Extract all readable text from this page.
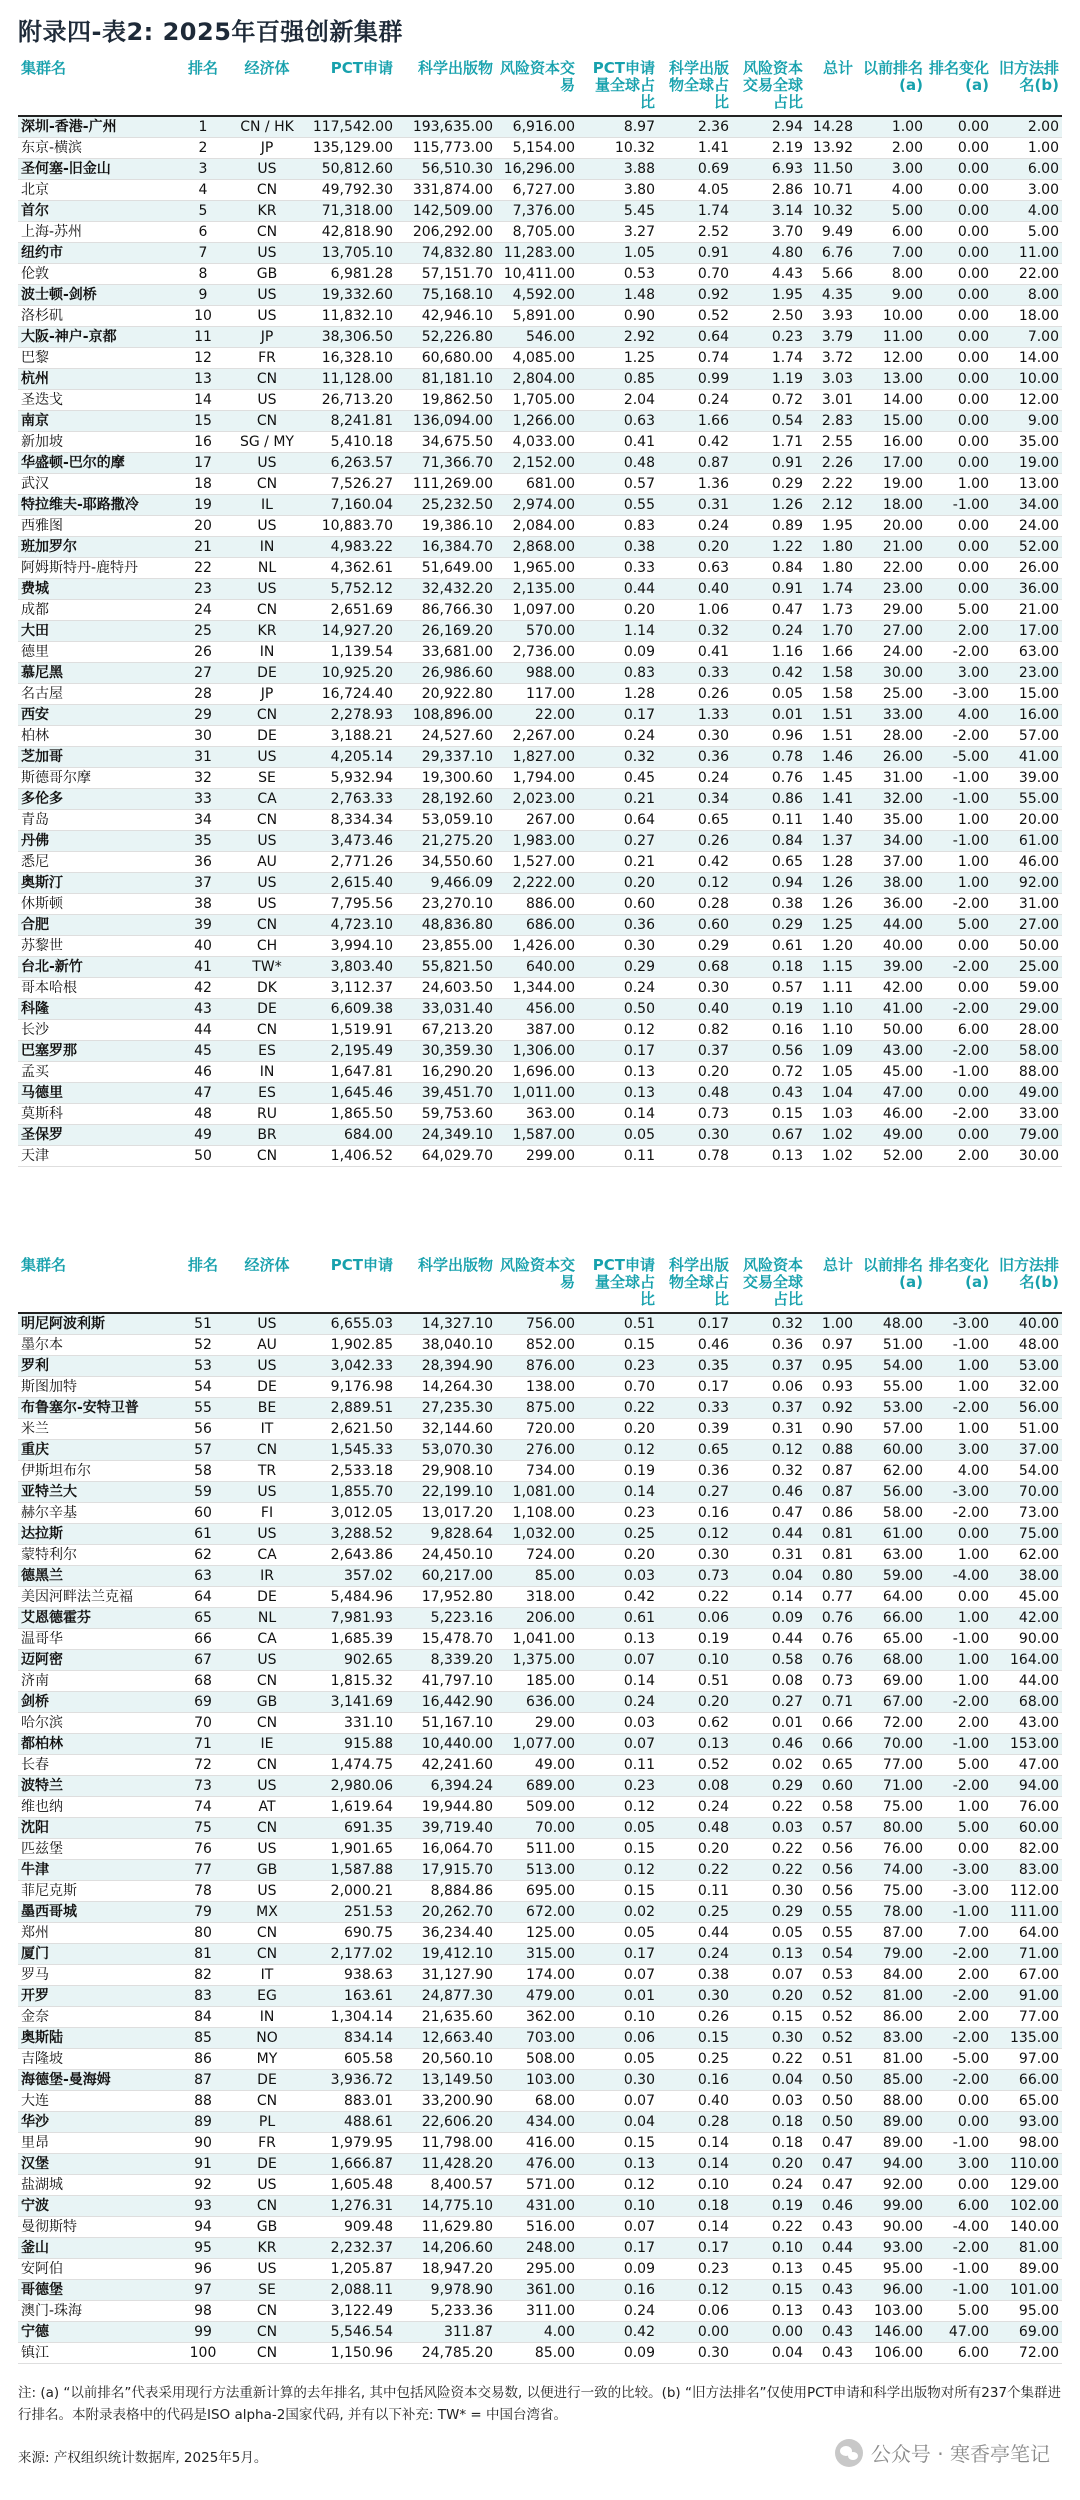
附录四-表2: 2025年百强创新集群
集群名	排名	经济体	PCT申请	科学出版物	风险资本交易	PCT申请量全球占比	科学出版物全球占比	风险资本交易全球占比	总计	以前排名(a)	排名变化(a)	旧方法排名(b)
深圳-香港-广州	1	CN / HK	117,542.00	193,635.00	6,916.00	8.97	2.36	2.94	14.28	1.00	0.00	2.00
东京-横滨	2	JP	135,129.00	115,773.00	5,154.00	10.32	1.41	2.19	13.92	2.00	0.00	1.00
圣何塞-旧金山	3	US	50,812.60	56,510.30	16,296.00	3.88	0.69	6.93	11.50	3.00	0.00	6.00
北京	4	CN	49,792.30	331,874.00	6,727.00	3.80	4.05	2.86	10.71	4.00	0.00	3.00
首尔	5	KR	71,318.00	142,509.00	7,376.00	5.45	1.74	3.14	10.32	5.00	0.00	4.00
上海-苏州	6	CN	42,818.90	206,292.00	8,705.00	3.27	2.52	3.70	9.49	6.00	0.00	5.00
纽约市	7	US	13,705.10	74,832.80	11,283.00	1.05	0.91	4.80	6.76	7.00	0.00	11.00
伦敦	8	GB	6,981.28	57,151.70	10,411.00	0.53	0.70	4.43	5.66	8.00	0.00	22.00
波士顿-剑桥	9	US	19,332.60	75,168.10	4,592.00	1.48	0.92	1.95	4.35	9.00	0.00	8.00
洛杉矶	10	US	11,832.10	42,946.10	5,891.00	0.90	0.52	2.50	3.93	10.00	0.00	18.00
大阪-神户-京都	11	JP	38,306.50	52,226.80	546.00	2.92	0.64	0.23	3.79	11.00	0.00	7.00
巴黎	12	FR	16,328.10	60,680.00	4,085.00	1.25	0.74	1.74	3.72	12.00	0.00	14.00
杭州	13	CN	11,128.00	81,181.10	2,804.00	0.85	0.99	1.19	3.03	13.00	0.00	10.00
圣迭戈	14	US	26,713.20	19,862.50	1,705.00	2.04	0.24	0.72	3.01	14.00	0.00	12.00
南京	15	CN	8,241.81	136,094.00	1,266.00	0.63	1.66	0.54	2.83	15.00	0.00	9.00
新加坡	16	SG / MY	5,410.18	34,675.50	4,033.00	0.41	0.42	1.71	2.55	16.00	0.00	35.00
华盛顿-巴尔的摩	17	US	6,263.57	71,366.70	2,152.00	0.48	0.87	0.91	2.26	17.00	0.00	19.00
武汉	18	CN	7,526.27	111,269.00	681.00	0.57	1.36	0.29	2.22	19.00	1.00	13.00
特拉维夫-耶路撒冷	19	IL	7,160.04	25,232.50	2,974.00	0.55	0.31	1.26	2.12	18.00	-1.00	34.00
西雅图	20	US	10,883.70	19,386.10	2,084.00	0.83	0.24	0.89	1.95	20.00	0.00	24.00
班加罗尔	21	IN	4,983.22	16,384.70	2,868.00	0.38	0.20	1.22	1.80	21.00	0.00	52.00
阿姆斯特丹-鹿特丹	22	NL	4,362.61	51,649.00	1,965.00	0.33	0.63	0.84	1.80	22.00	0.00	26.00
费城	23	US	5,752.12	32,432.20	2,135.00	0.44	0.40	0.91	1.74	23.00	0.00	36.00
成都	24	CN	2,651.69	86,766.30	1,097.00	0.20	1.06	0.47	1.73	29.00	5.00	21.00
大田	25	KR	14,927.20	26,169.20	570.00	1.14	0.32	0.24	1.70	27.00	2.00	17.00
德里	26	IN	1,139.54	33,681.00	2,736.00	0.09	0.41	1.16	1.66	24.00	-2.00	63.00
慕尼黑	27	DE	10,925.20	26,986.60	988.00	0.83	0.33	0.42	1.58	30.00	3.00	23.00
名古屋	28	JP	16,724.40	20,922.80	117.00	1.28	0.26	0.05	1.58	25.00	-3.00	15.00
西安	29	CN	2,278.93	108,896.00	22.00	0.17	1.33	0.01	1.51	33.00	4.00	16.00
柏林	30	DE	3,188.21	24,527.60	2,267.00	0.24	0.30	0.96	1.51	28.00	-2.00	57.00
芝加哥	31	US	4,205.14	29,337.10	1,827.00	0.32	0.36	0.78	1.46	26.00	-5.00	41.00
斯德哥尔摩	32	SE	5,932.94	19,300.60	1,794.00	0.45	0.24	0.76	1.45	31.00	-1.00	39.00
多伦多	33	CA	2,763.33	28,192.60	2,023.00	0.21	0.34	0.86	1.41	32.00	-1.00	55.00
青岛	34	CN	8,334.34	53,059.10	267.00	0.64	0.65	0.11	1.40	35.00	1.00	20.00
丹佛	35	US	3,473.46	21,275.20	1,983.00	0.27	0.26	0.84	1.37	34.00	-1.00	61.00
悉尼	36	AU	2,771.26	34,550.60	1,527.00	0.21	0.42	0.65	1.28	37.00	1.00	46.00
奥斯汀	37	US	2,615.40	9,466.09	2,222.00	0.20	0.12	0.94	1.26	38.00	1.00	92.00
休斯顿	38	US	7,795.56	23,270.10	886.00	0.60	0.28	0.38	1.26	36.00	-2.00	31.00
合肥	39	CN	4,723.10	48,836.80	686.00	0.36	0.60	0.29	1.25	44.00	5.00	27.00
苏黎世	40	CH	3,994.10	23,855.00	1,426.00	0.30	0.29	0.61	1.20	40.00	0.00	50.00
台北-新竹	41	TW*	3,803.40	55,821.50	640.00	0.29	0.68	0.18	1.15	39.00	-2.00	25.00
哥本哈根	42	DK	3,112.37	24,603.50	1,344.00	0.24	0.30	0.57	1.11	42.00	0.00	59.00
科隆	43	DE	6,609.38	33,031.40	456.00	0.50	0.40	0.19	1.10	41.00	-2.00	29.00
长沙	44	CN	1,519.91	67,213.20	387.00	0.12	0.82	0.16	1.10	50.00	6.00	28.00
巴塞罗那	45	ES	2,195.49	30,359.30	1,306.00	0.17	0.37	0.56	1.09	43.00	-2.00	58.00
孟买	46	IN	1,647.81	16,290.20	1,696.00	0.13	0.20	0.72	1.05	45.00	-1.00	88.00
马德里	47	ES	1,645.46	39,451.70	1,011.00	0.13	0.48	0.43	1.04	47.00	0.00	49.00
莫斯科	48	RU	1,865.50	59,753.60	363.00	0.14	0.73	0.15	1.03	46.00	-2.00	33.00
圣保罗	49	BR	684.00	24,349.10	1,587.00	0.05	0.30	0.67	1.02	49.00	0.00	79.00
天津	50	CN	1,406.52	64,029.70	299.00	0.11	0.78	0.13	1.02	52.00	2.00	30.00
集群名	排名	经济体	PCT申请	科学出版物	风险资本交易	PCT申请量全球占比	科学出版物全球占比	风险资本交易全球占比	总计	以前排名(a)	排名变化(a)	旧方法排名(b)
明尼阿波利斯	51	US	6,655.03	14,327.10	756.00	0.51	0.17	0.32	1.00	48.00	-3.00	40.00
墨尔本	52	AU	1,902.85	38,040.10	852.00	0.15	0.46	0.36	0.97	51.00	-1.00	48.00
罗利	53	US	3,042.33	28,394.90	876.00	0.23	0.35	0.37	0.95	54.00	1.00	53.00
斯图加特	54	DE	9,176.98	14,264.30	138.00	0.70	0.17	0.06	0.93	55.00	1.00	32.00
布鲁塞尔-安特卫普	55	BE	2,889.51	27,235.30	875.00	0.22	0.33	0.37	0.92	53.00	-2.00	56.00
米兰	56	IT	2,621.50	32,144.60	720.00	0.20	0.39	0.31	0.90	57.00	1.00	51.00
重庆	57	CN	1,545.33	53,070.30	276.00	0.12	0.65	0.12	0.88	60.00	3.00	37.00
伊斯坦布尔	58	TR	2,533.18	29,908.10	734.00	0.19	0.36	0.32	0.87	62.00	4.00	54.00
亚特兰大	59	US	1,855.70	22,199.10	1,081.00	0.14	0.27	0.46	0.87	56.00	-3.00	70.00
赫尔辛基	60	FI	3,012.05	13,017.20	1,108.00	0.23	0.16	0.47	0.86	58.00	-2.00	73.00
达拉斯	61	US	3,288.52	9,828.64	1,032.00	0.25	0.12	0.44	0.81	61.00	0.00	75.00
蒙特利尔	62	CA	2,643.86	24,450.10	724.00	0.20	0.30	0.31	0.81	63.00	1.00	62.00
德黑兰	63	IR	357.02	60,217.00	85.00	0.03	0.73	0.04	0.80	59.00	-4.00	38.00
美因河畔法兰克福	64	DE	5,484.96	17,952.80	318.00	0.42	0.22	0.14	0.77	64.00	0.00	45.00
艾恩德霍芬	65	NL	7,981.93	5,223.16	206.00	0.61	0.06	0.09	0.76	66.00	1.00	42.00
温哥华	66	CA	1,685.39	15,478.70	1,041.00	0.13	0.19	0.44	0.76	65.00	-1.00	90.00
迈阿密	67	US	902.65	8,339.20	1,375.00	0.07	0.10	0.58	0.76	68.00	1.00	164.00
济南	68	CN	1,815.32	41,797.10	185.00	0.14	0.51	0.08	0.73	69.00	1.00	44.00
剑桥	69	GB	3,141.69	16,442.90	636.00	0.24	0.20	0.27	0.71	67.00	-2.00	68.00
哈尔滨	70	CN	331.10	51,167.10	29.00	0.03	0.62	0.01	0.66	72.00	2.00	43.00
都柏林	71	IE	915.88	10,440.00	1,077.00	0.07	0.13	0.46	0.66	70.00	-1.00	153.00
长春	72	CN	1,474.75	42,241.60	49.00	0.11	0.52	0.02	0.65	77.00	5.00	47.00
波特兰	73	US	2,980.06	6,394.24	689.00	0.23	0.08	0.29	0.60	71.00	-2.00	94.00
维也纳	74	AT	1,619.64	19,944.80	509.00	0.12	0.24	0.22	0.58	75.00	1.00	76.00
沈阳	75	CN	691.35	39,719.40	70.00	0.05	0.48	0.03	0.57	80.00	5.00	60.00
匹兹堡	76	US	1,901.65	16,064.70	511.00	0.15	0.20	0.22	0.56	76.00	0.00	82.00
牛津	77	GB	1,587.88	17,915.70	513.00	0.12	0.22	0.22	0.56	74.00	-3.00	83.00
菲尼克斯	78	US	2,000.21	8,884.86	695.00	0.15	0.11	0.30	0.56	75.00	-3.00	112.00
墨西哥城	79	MX	251.53	20,262.70	672.00	0.02	0.25	0.29	0.55	78.00	-1.00	111.00
郑州	80	CN	690.75	36,234.40	125.00	0.05	0.44	0.05	0.55	87.00	7.00	64.00
厦门	81	CN	2,177.02	19,412.10	315.00	0.17	0.24	0.13	0.54	79.00	-2.00	71.00
罗马	82	IT	938.63	31,127.90	174.00	0.07	0.38	0.07	0.53	84.00	2.00	67.00
开罗	83	EG	163.61	24,877.30	479.00	0.01	0.30	0.20	0.52	81.00	-2.00	91.00
金奈	84	IN	1,304.14	21,635.60	362.00	0.10	0.26	0.15	0.52	86.00	2.00	77.00
奥斯陆	85	NO	834.14	12,663.40	703.00	0.06	0.15	0.30	0.52	83.00	-2.00	135.00
吉隆坡	86	MY	605.58	20,560.10	508.00	0.05	0.25	0.22	0.51	81.00	-5.00	97.00
海德堡-曼海姆	87	DE	3,936.72	13,149.50	103.00	0.30	0.16	0.04	0.50	85.00	-2.00	66.00
大连	88	CN	883.01	33,200.90	68.00	0.07	0.40	0.03	0.50	88.00	0.00	65.00
华沙	89	PL	488.61	22,606.20	434.00	0.04	0.28	0.18	0.50	89.00	0.00	93.00
里昂	90	FR	1,979.95	11,798.00	416.00	0.15	0.14	0.18	0.47	89.00	-1.00	98.00
汉堡	91	DE	1,666.87	11,428.20	476.00	0.13	0.14	0.20	0.47	94.00	3.00	110.00
盐湖城	92	US	1,605.48	8,400.57	571.00	0.12	0.10	0.24	0.47	92.00	0.00	129.00
宁波	93	CN	1,276.31	14,775.10	431.00	0.10	0.18	0.19	0.46	99.00	6.00	102.00
曼彻斯特	94	GB	909.48	11,629.80	516.00	0.07	0.14	0.22	0.43	90.00	-4.00	140.00
釜山	95	KR	2,232.37	14,206.60	248.00	0.17	0.17	0.10	0.44	93.00	-2.00	81.00
安阿伯	96	US	1,205.87	18,947.20	295.00	0.09	0.23	0.13	0.45	95.00	-1.00	89.00
哥德堡	97	SE	2,088.11	9,978.90	361.00	0.16	0.12	0.15	0.43	96.00	-1.00	101.00
澳门-珠海	98	CN	3,122.49	5,233.36	311.00	0.24	0.06	0.13	0.43	103.00	5.00	95.00
宁德	99	CN	5,546.54	311.87	4.00	0.42	0.00	0.00	0.43	146.00	47.00	69.00
镇江	100	CN	1,150.96	24,785.20	85.00	0.09	0.30	0.04	0.43	106.00	6.00	72.00
注: (a) “以前排名”代表采用现行方法重新计算的去年排名, 其中包括风险资本交易数, 以便进行一致的比较。(b) “旧方法排名”仅使用PCT申请和科学出版物对所有237个集群进行排名。本附录表格中的代码是ISO alpha-2国家代码, 并有以下补充: TW* = 中国台湾省。
来源: 产权组织统计数据库, 2025年5月。	公众号 · 寒香亭笔记
